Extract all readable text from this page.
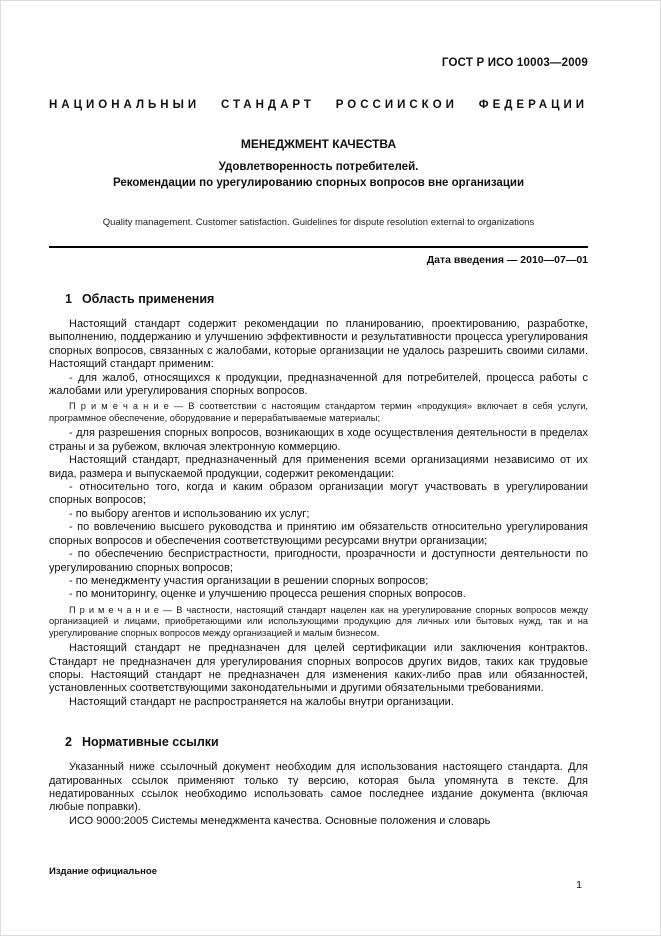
ГОСТ Р ИСО 10003—2009
НАЦИОНАЛЬНЫЙ СТАНДАРТ РОССИЙСКОЙ ФЕДЕРАЦИИ
МЕНЕДЖМЕНТ КАЧЕСТВА
Удовлетворенность потребителей.
Рекомендации по урегулированию спорных вопросов вне организации
Quality management. Customer satisfaction. Guidelines for dispute resolution external to organizations
Дата введения — 2010—07—01
1 Область применения

Настоящий стандарт содержит рекомендации по планированию, проектированию, разработке, выполнению, поддержанию и улучшению эффективности и результативности процесса урегулирования спорных вопросов, связанных с жалобами, которые организации не удалось разрешить своими силами. Настоящий стандарт применим:

- для жалоб, относящихся к продукции, предназначенной для потребителей, процесса работы с жалобами или урегулирования спорных вопросов.

П р и м е ч а н и е — В соответствии с настоящим стандартом термин «продукция» включает в себя услуги, программное обеспечение, оборудование и перерабатываемые материалы;

- для разрешения спорных вопросов, возникающих в ходе осуществления деятельности в пределах страны и за рубежом, включая электронную коммерцию.

Настоящий стандарт, предназначенный для применения всеми организациями независимо от их вида, размера и выпускаемой продукции, содержит рекомендации:

- относительно того, когда и каким образом организации могут участвовать в урегулировании спорных вопросов;

- по выбору агентов и использованию их услуг;

- по вовлечению высшего руководства и принятию им обязательств относительно урегулирования спорных вопросов и обеспечения соответствующими ресурсами внутри организации;

- по обеспечению беспристрастности, пригодности, прозрачности и доступности деятельности по урегулированию спорных вопросов;

- по менеджменту участия организации в решении спорных вопросов;

- по мониторингу, оценке и улучшению процесса решения спорных вопросов.

П р и м е ч а н и е — В частности, настоящий стандарт нацелен как на урегулирование спорных вопросов между организацией и лицами, приобретающими или использующими продукцию для личных или бытовых нужд, так и на урегулирование спорных вопросов между организацией и малым бизнесом.

Настоящий стандарт не предназначен для целей сертификации или заключения контрактов. Стандарт не предназначен для урегулирования спорных вопросов других видов, таких как трудовые споры. Настоящий стандарт не предназначен для изменения каких-либо прав или обязанностей, установленных соответствующими законодательными и другими обязательными требованиями.

Настоящий стандарт не распространяется на жалобы внутри организации.

2 Нормативные ссылки

Указанный ниже ссылочный документ необходим для использования настоящего стандарта. Для датированных ссылок применяют только ту версию, которая была упомянута в тексте. Для недатированных ссылок необходимо использовать самое последнее издание документа (включая любые поправки).

ИСО 9000:2005 Системы менеджмента качества. Основные положения и словарь

Издание официальное
1
